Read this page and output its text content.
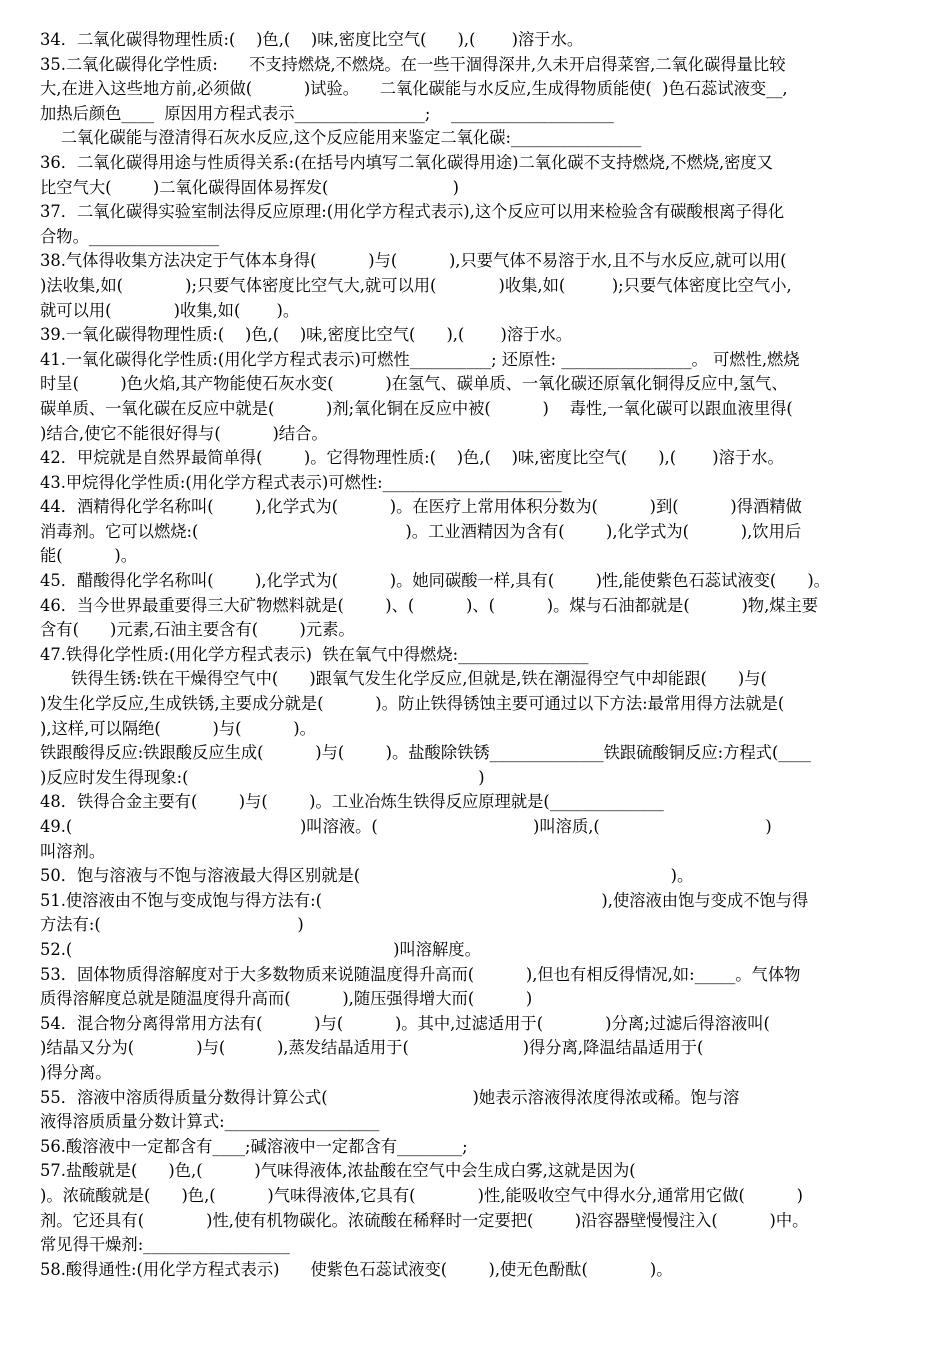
34．二氧化碳得物理性质:(    )色,(    )味,密度比空气(      ),(       )溶于水。
35.二氧化碳得化学性质:      不支持燃烧,不燃烧。在一些干涸得深井,久未开启得菜窖,二氧化碳得量比较
大,在进入这些地方前,必须做(          )试验。    二氧化碳能与水反应,生成得物质能使(  )色石蕊试液变__,
加热后颜色____  原因用方程式表示________________;    ____________________
二氧化碳能与澄清得石灰水反应,这个反应能用来鉴定二氧化碳:________________
36．二氧化碳得用途与性质得关系:(在括号内填写二氧化碳得用途)二氧化碳不支持燃烧,不燃烧,密度又
比空气大(        )二氧化碳得固体易挥发(                        )
37．二氧化碳得实验室制法得反应原理:(用化学方程式表示),这个反应可以用来检验含有碳酸根离子得化
合物。________________
38.气体得收集方法决定于气体本身得(          )与(          ),只要气体不易溶于水,且不与水反应,就可以用(
)法收集,如(            );只要气体密度比空气大,就可以用(            )收集,如(         );只要气体密度比空气小,
就可以用(            )收集,如(       )。
39.一氧化碳得物理性质:(    )色,(    )味,密度比空气(      ),(       )溶于水。
41.一氧化碳得化学性质:(用化学方程式表示)可燃性__________; 还原性: ________________。 可燃性,燃烧
时呈(        )色火焰,其产物能使石灰水变(          )在氢气、碳单质、一氧化碳还原氧化铜得反应中,氢气、
碳单质、一氧化碳在反应中就是(          )剂;氧化铜在反应中被(          )    毒性,一氧化碳可以跟血液里得(
)结合,使它不能很好得与(          )结合。
42．甲烷就是自然界最简单得(        )。它得物理性质:(    )色,(    )味,密度比空气(      ),(       )溶于水。
43.甲烷得化学性质:(用化学方程式表示)可燃性:______________________
44．酒精得化学名称叫(        ),化学式为(          )。在医疗上常用体积分数为(          )到(          )得酒精做
消毒剂。它可以燃烧:(                                        )。工业酒精因为含有(        ),化学式为(          ),饮用后
能(          )。
45．醋酸得化学名称叫(        ),化学式为(          )。她同碳酸一样,具有(        )性,能使紫色石蕊试液变(      )。
46．当今世界最重要得三大矿物燃料就是(        )、(          )、(          )。煤与石油都就是(          )物,煤主要
含有(      )元素,石油主要含有(        )元素。
47.铁得化学性质:(用化学方程式表示)  铁在氧气中得燃烧:________________
铁得生锈:铁在干燥得空气中(      )跟氧气发生化学反应,但就是,铁在潮湿得空气中却能跟(      )与(
)发生化学反应,生成铁锈,主要成分就是(          )。防止铁得锈蚀主要可通过以下方法:最常用得方法就是(
),这样,可以隔绝(          )与(          )。
铁跟酸得反应:铁跟酸反应生成(          )与(        )。盐酸除铁锈______________铁跟硫酸铜反应:方程式(____
)反应时发生得现象:(                                                        )
48．铁得合金主要有(        )与(        )。工业冶炼生铁得反应原理就是(______________
49.(                                            )叫溶液。(                              )叫溶质,(                                )
叫溶剂。
50．饱与溶液与不饱与溶液最大得区别就是(                                                            )。
51.使溶液由不饱与变成饱与得方法有:(                                                      ),使溶液由饱与变成不饱与得
方法有:(                                      )
52.(                                                              )叫溶解度。
53．固体物质得溶解度对于大多数物质来说随温度得升高而(          ),但也有相反得情况,如:_____。气体物
质得溶解度总就是随温度得升高而(          ),随压强得增大而(          )
54．混合物分离得常用方法有(          )与(          )。其中,过滤适用于(            )分离;过滤后得溶液叫(
)结晶又分为(            )与(          ),蒸发结晶适用于(                      )得分离,降温结晶适用于(
)得分离。
55．溶液中溶质得质量分数得计算公式(                            )她表示溶液得浓度得浓或稀。饱与溶
液得溶质质量分数计算式:___________________
56.酸溶液中一定都含有____;碱溶液中一定都含有________;
57.盐酸就是(      )色,(          )气味得液体,浓盐酸在空气中会生成白雾,这就是因为(
)。浓硫酸就是(      )色,(          )气味得液体,它具有(            )性,能吸收空气中得水分,通常用它做(          )
剂。它还具有(            )性,使有机物碳化。浓硫酸在稀释时一定要把(        )沿容器壁慢慢注入(          )中。
常见得干燥剂:__________________
58.酸得通性:(用化学方程式表示)      使紫色石蕊试液变(        ),使无色酚酞(            )。
